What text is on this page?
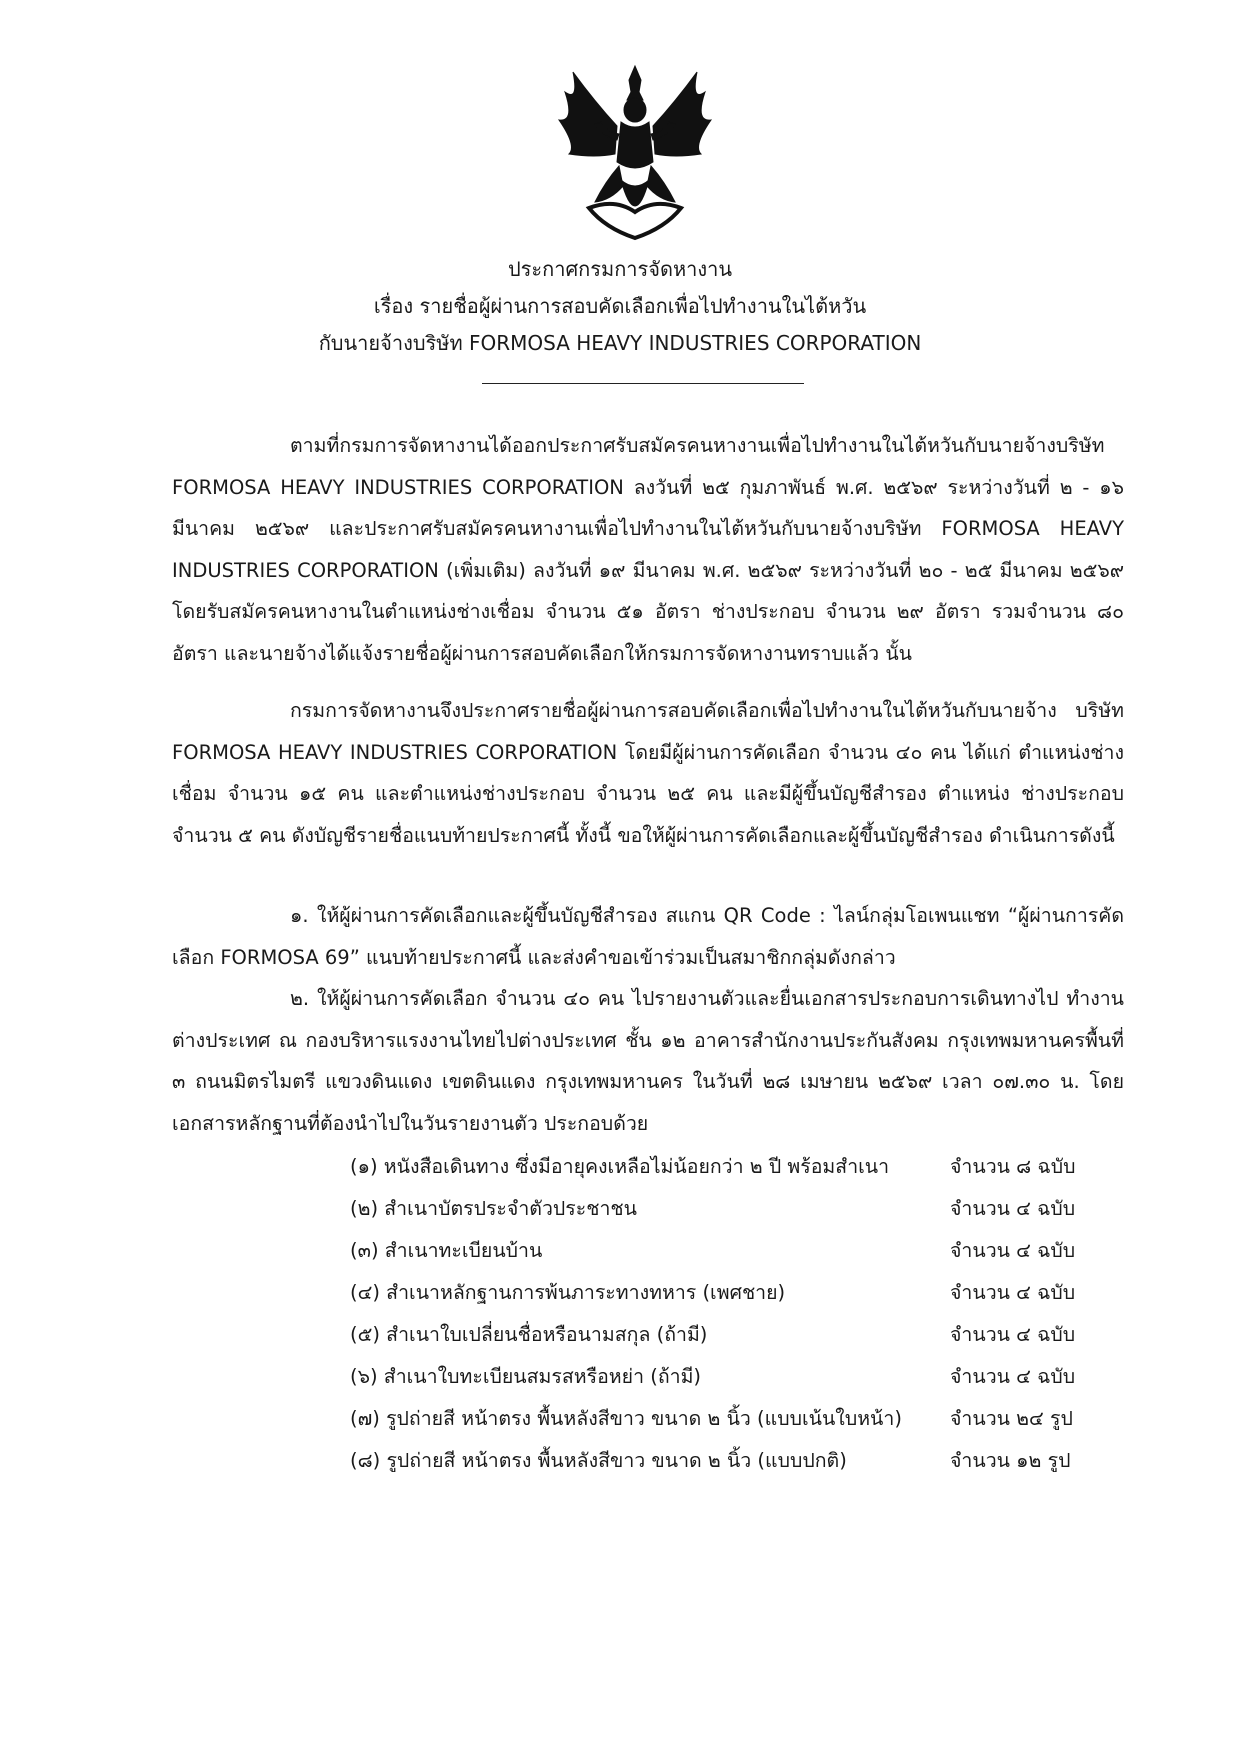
ประกาศกรมการจัดหางาน
เรื่อง รายชื่อผู้ผ่านการสอบคัดเลือกเพื่อไปทำงานในไต้หวัน
กับนายจ้างบริษัท FORMOSA HEAVY INDUSTRIES CORPORATION
ตามที่กรมการจัดหางานได้ออกประกาศรับสมัครคนหางานเพื่อไปทำงานในไต้หวันกับนายจ้างบริษัท FORMOSA HEAVY INDUSTRIES CORPORATION ลงวันที่ ๒๕ กุมภาพันธ์ พ.ศ. ๒๕๖๙ ระหว่างวันที่ ๒ - ๑๖ มีนาคม ๒๕๖๙ และประกาศรับสมัครคนหางานเพื่อไปทำงานในไต้หวันกับนายจ้างบริษัท FORMOSA HEAVY INDUSTRIES CORPORATION (เพิ่มเติม) ลงวันที่ ๑๙ มีนาคม พ.ศ. ๒๕๖๙ ระหว่างวันที่ ๒๐ - ๒๕ มีนาคม ๒๕๖๙ โดยรับสมัครคนหางานในตำแหน่งช่างเชื่อม จำนวน ๕๑ อัตรา ช่างประกอบ จำนวน ๒๙ อัตรา รวมจำนวน ๘๐ อัตรา และนายจ้างได้แจ้งรายชื่อผู้ผ่านการสอบคัดเลือกให้กรมการจัดหางานทราบแล้ว นั้น
กรมการจัดหางานจึงประกาศรายชื่อผู้ผ่านการสอบคัดเลือกเพื่อไปทำงานในไต้หวันกับนายจ้าง บริษัท FORMOSA HEAVY INDUSTRIES CORPORATION โดยมีผู้ผ่านการคัดเลือก จำนวน ๔๐ คน ได้แก่ ตำแหน่งช่างเชื่อม จำนวน ๑๕ คน และตำแหน่งช่างประกอบ จำนวน ๒๕ คน และมีผู้ขึ้นบัญชีสำรอง ตำแหน่ง ช่างประกอบ จำนวน ๕ คน ดังบัญชีรายชื่อแนบท้ายประกาศนี้ ทั้งนี้ ขอให้ผู้ผ่านการคัดเลือกและผู้ขึ้นบัญชีสำรอง ดำเนินการดังนี้
๑. ให้ผู้ผ่านการคัดเลือกและผู้ขึ้นบัญชีสำรอง สแกน QR Code : ไลน์กลุ่มโอเพนแชท “ผู้ผ่านการคัดเลือก FORMOSA 69” แนบท้ายประกาศนี้ และส่งคำขอเข้าร่วมเป็นสมาชิกกลุ่มดังกล่าว
๒. ให้ผู้ผ่านการคัดเลือก จำนวน ๔๐ คน ไปรายงานตัวและยื่นเอกสารประกอบการเดินทางไป ทำงานต่างประเทศ ณ กองบริหารแรงงานไทยไปต่างประเทศ ชั้น ๑๒ อาคารสำนักงานประกันสังคม กรุงเทพมหานครพื้นที่ ๓ ถนนมิตรไมตรี แขวงดินแดง เขตดินแดง กรุงเทพมหานคร ในวันที่ ๒๘ เมษายน ๒๕๖๙ เวลา ๐๗.๓๐ น. โดยเอกสารหลักฐานที่ต้องนำไปในวันรายงานตัว ประกอบด้วย
(๑) หนังสือเดินทาง ซึ่งมีอายุคงเหลือไม่น้อยกว่า ๒ ปี พร้อมสำเนา	จำนวน ๘ ฉบับ
(๒) สำเนาบัตรประจำตัวประชาชน	จำนวน ๔ ฉบับ
(๓) สำเนาทะเบียนบ้าน	จำนวน ๔ ฉบับ
(๔) สำเนาหลักฐานการพ้นภาระทางทหาร (เพศชาย)	จำนวน ๔ ฉบับ
(๕) สำเนาใบเปลี่ยนชื่อหรือนามสกุล (ถ้ามี)	จำนวน ๔ ฉบับ
(๖) สำเนาใบทะเบียนสมรสหรือหย่า (ถ้ามี)	จำนวน ๔ ฉบับ
(๗) รูปถ่ายสี หน้าตรง พื้นหลังสีขาว ขนาด ๒ นิ้ว (แบบเน้นใบหน้า) จำนวน ๒๔ รูป
(๘) รูปถ่ายสี หน้าตรง พื้นหลังสีขาว ขนาด ๒ นิ้ว (แบบปกติ)	จำนวน ๑๒ รูป
